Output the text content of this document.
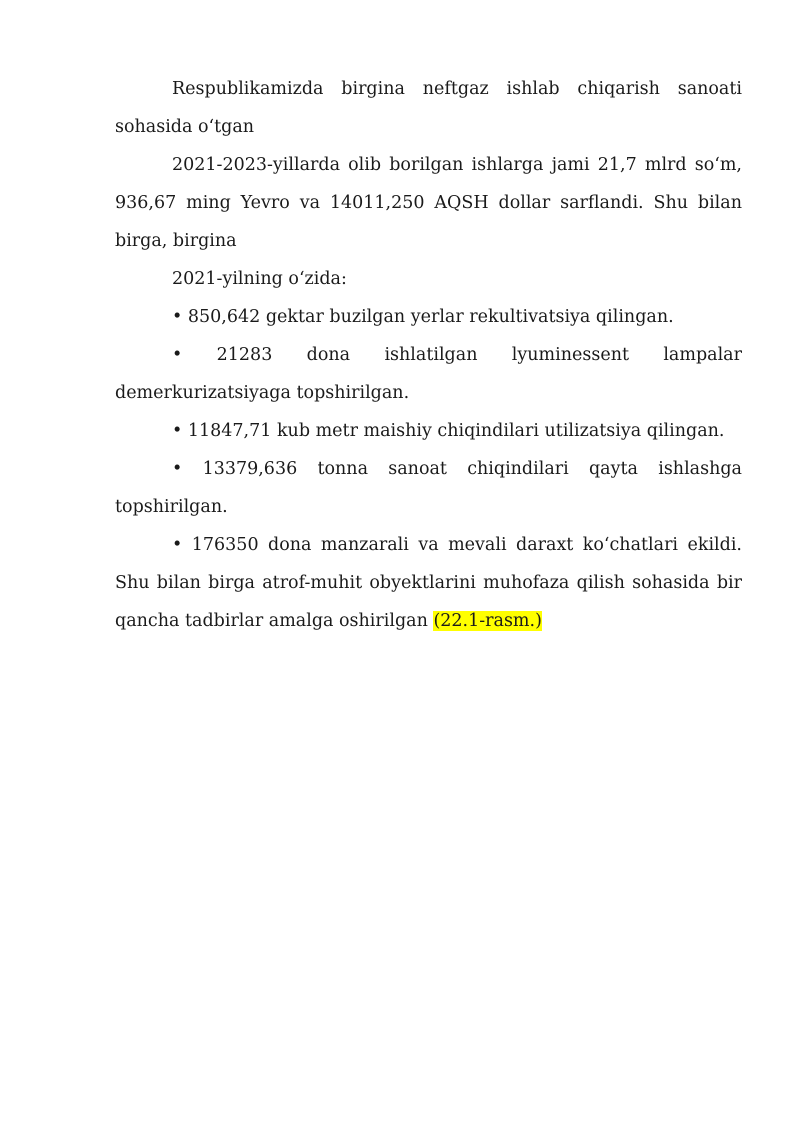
Respublikamizda birgina neftgaz ishlab chiqarish sanoati sohasida o‘tgan

2021-2023-yillarda olib borilgan ishlarga jami 21,7 mlrd so‘m, 936,67 ming Yevro va 14011,250 AQSH dollar sarflandi. Shu bilan birga, birgina

2021-yilning o‘zida:

• 850,642 gektar buzilgan yerlar rekultivatsiya qilingan.

• 21283 dona ishlatilgan lyuminessent lampalar demerkurizatsiyaga topshirilgan.

• 11847,71 kub metr maishiy chiqindilari utilizatsiya qilingan.

• 13379,636 tonna sanoat chiqindilari qayta ishlashga topshirilgan.

• 176350 dona manzarali va mevali daraxt ko‘chatlari ekildi. Shu bilan birga atrof-muhit obyektlarini muhofaza qilish sohasida bir qancha tadbirlar amalga oshirilgan (22.1-rasm.)
